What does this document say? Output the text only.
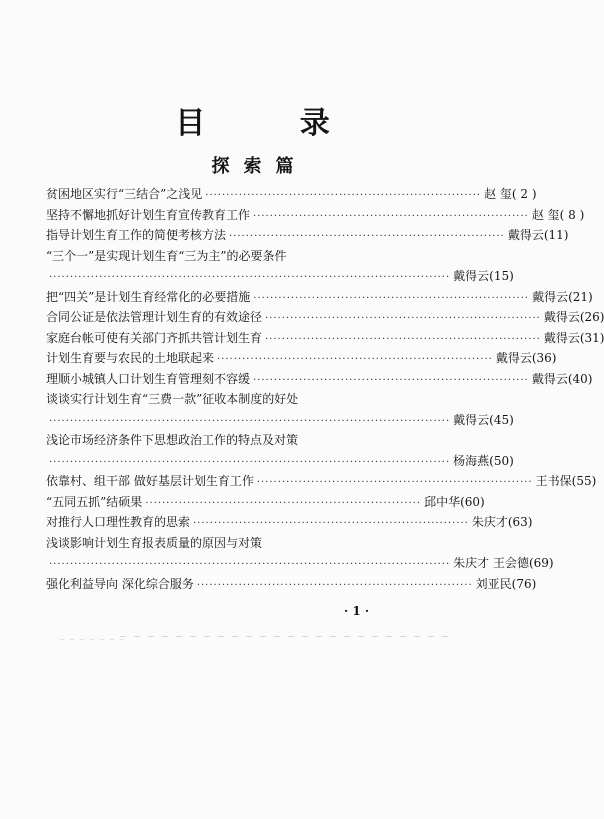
目 录
探索篇
贫困地区实行“三结合”之浅见 ·································································· 赵 玺 ( 2 )
坚持不懈地抓好计划生育宣传教育工作 ·································································· 赵 玺 ( 8 )
指导计划生育工作的简便考核方法 ·································································· 戴得云 (11)
“三个一”是实现计划生育“三为主”的必要条件
································································································ 戴得云 (15)
把“四关”是计划生育经常化的必要措施 ·································································· 戴得云 (21)
合同公证是依法管理计划生育的有效途径 ·································································· 戴得云 (26)
家庭台帐可使有关部门齐抓共管计划生育 ·································································· 戴得云 (31)
计划生育要与农民的土地联起来 ·································································· 戴得云 (36)
理顺小城镇人口计划生育管理刻不容缓 ·································································· 戴得云 (40)
谈谈实行计划生育“三费一款”征收本制度的好处
································································································ 戴得云 (45)
浅论市场经济条件下思想政治工作的特点及对策
································································································ 杨海燕 (50)
依靠村、组干部 做好基层计划生育工作 ·································································· 王书保 (55)
“五同五抓”结硕果 ·································································· 邱中华 (60)
对推行人口理性教育的思索 ·································································· 朱庆才 (63)
浅谈影响计划生育报表质量的原因与对策
································································································ 朱庆才 王会德 (69)
强化利益导向 深化综合服务 ·································································· 刘亚民 (76)
· 1 ·
